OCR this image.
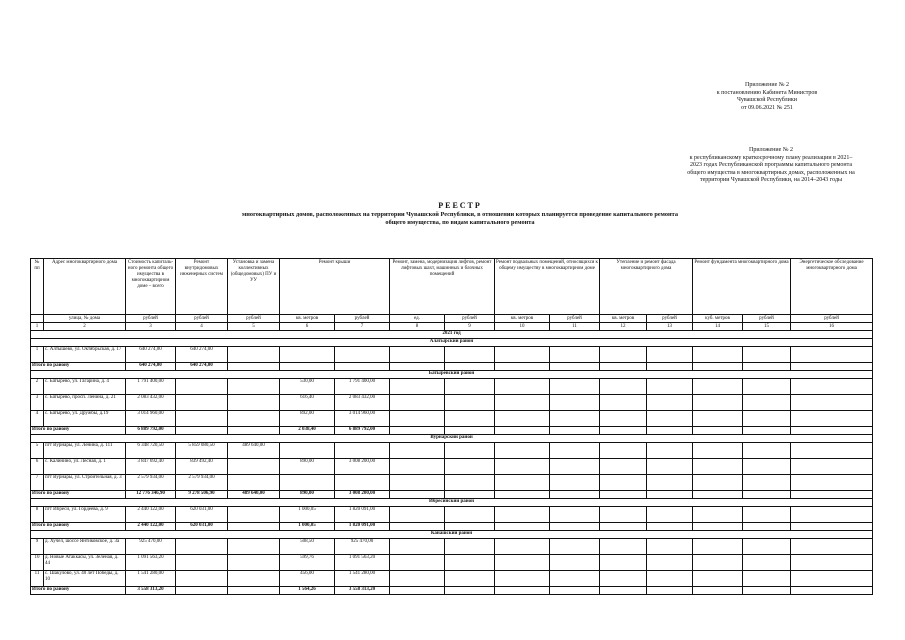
Приложение № 2
к постановлению Кабинета Министров
Чувашской Республики
от 09.06.2021 № 251
Приложение № 2
к республиканскому краткосрочному плану реализации в 2021–
2023 годах Республиканской программы капитального ремонта
общего имущества в многоквартирных домах, расположенных на
территории Чувашской Республики, на 2014–2043 годы
РЕЕСТР
многоквартирных домов, расположенных на территории Чувашской Республики, в отношении которых планируется проведение капитального ремонта
общего имущества, по видам капитального ремонта
№ пп	Адрес многоквартирного дома	Стоимость капиталь-ного ремонта общего имущества в многоквартирном доме – всего	Ремонт внутридомовых инженерных систем	Установка и замена коллективных (общедомовых) ПУ и УУ	Ремонт крыши		Ремонт, замена, модернизация лифтов, ремонт лифтовых шахт, машинных и блочных помещений		Ремонт подвальных помещений, относящихся к общему имуществу в многоквартирном доме		Утепление и ремонт фасада многоквартирного дома		Ремонт фундамента многоквартирного дома		Энергетическое обследование многоквартирного дома
	улица, № дома	рублей	рублей	рублей	кв. метров	рублей	ед.	рублей	кв. метров	рублей	кв. метров	рублей	куб. метров	рублей	рублей
1	2	3	4	5	6	7	8	9	10	11	12	13	14	15	16
2021 год															
Алатырский район															
1	с. Алтышево, ул. Октябрьская, д. 17	640 274,00	640 274,00												
Итого по району		640 274,00	640 274,00												
Батыревский район															
2	с. Батырево, ул. Гагарина, д. 4	1 791 400,00			530,00	1 791 400,00									
3	с. Батырево, просп. Ленина, д. 21	2 083 432,00			616,40	2 083 432,00									
4	с. Батырево, ул. Дружбы, д.19	3 014 960,00			892,00	3 014 960,00									
Итого по району		6 889 792,00			2 038,40	6 889 792,00									
Вурнарский район															
5	пгт Вурнары, ул. Ленина, д. 111	6 348 720,50	5 859 080,50	489 640,00											
6	с. Калинино, ул. Лесная, д. 1	3 847 692,40	839 492,40		890,00	3 008 200,00									
7	пгт Вурнары, ул. Строительная, д. 3	2 579 934,00	2 579 934,00												
Итого по району		12 776 346,90	9 278 506,90	489 640,00	890,00	3 008 200,00									
Ибресинский район															
8	пгт Ибреси, ул. Гордеева, д. 9	2 440 122,00	620 031,00		1 000,05	1 820 091,00									
Итого по району		2 440 122,00	620 031,00		1 000,05	1 820 091,00									
Канашский район															
9	д. Хучел, шоссе Янтиковское, д. 3а	925 470,00			508,50	925 470,00									
10	д. Новые Атаккасы, ул. Зеленая, д. 44	1 091 563,20			599,76	1 091 563,20									
11	с. Шакулово, ул. 40 лет Победы, д. 10	1 541 280,00			456,00	1 541 280,00									
Итого по району		3 558 313,20			1 564,26	3 558 313,20									
